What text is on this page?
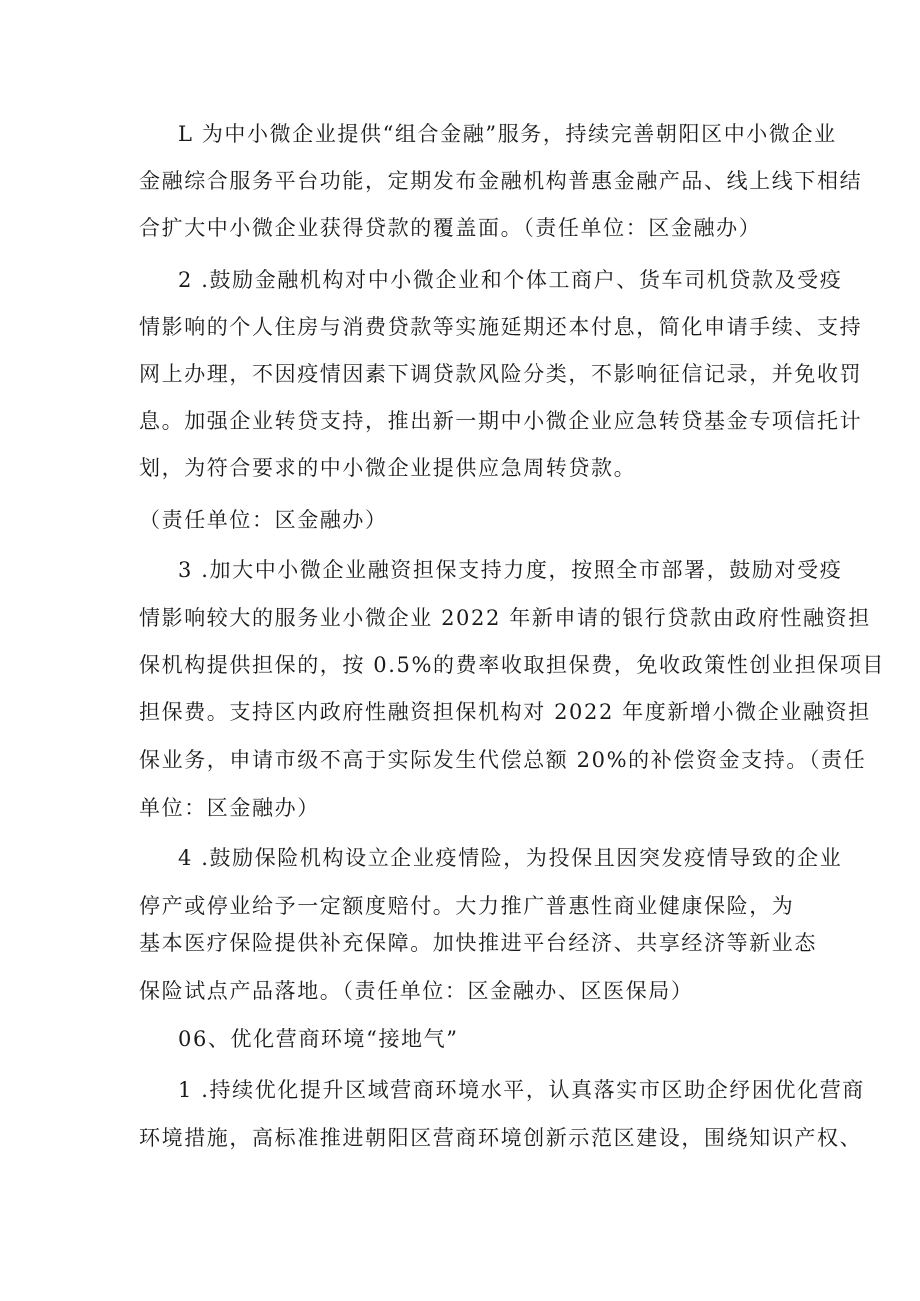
L 为中小微企业提供“组合金融”服务，持续完善朝阳区中小微企业
金融综合服务平台功能，定期发布金融机构普惠金融产品、线上线下相结
合扩大中小微企业获得贷款的覆盖面。（责任单位：区金融办）
2 .鼓励金融机构对中小微企业和个体工商户、货车司机贷款及受疫
情影响的个人住房与消费贷款等实施延期还本付息，简化申请手续、支持
网上办理，不因疫情因素下调贷款风险分类，不影响征信记录，并免收罚
息。加强企业转贷支持，推出新一期中小微企业应急转贷基金专项信托计
划，为符合要求的中小微企业提供应急周转贷款。
（责任单位：区金融办）
3 .加大中小微企业融资担保支持力度，按照全市部署，鼓励对受疫
情影响较大的服务业小微企业 2022 年新申请的银行贷款由政府性融资担
保机构提供担保的，按 0.5%的费率收取担保费，免收政策性创业担保项目
担保费。支持区内政府性融资担保机构对 2022 年度新增小微企业融资担
保业务，申请市级不高于实际发生代偿总额 20%的补偿资金支持。（责任
单位：区金融办）
4 .鼓励保险机构设立企业疫情险，为投保且因突发疫情导致的企业
停产或停业给予一定额度赔付。大力推广普惠性商业健康保险，为
基本医疗保险提供补充保障。加快推进平台经济、共享经济等新业态
保险试点产品落地。（责任单位：区金融办、区医保局）
06、优化营商环境“接地气”
1 .持续优化提升区域营商环境水平，认真落实市区助企纾困优化营商
环境措施，高标准推进朝阳区营商环境创新示范区建设，围绕知识产权、
